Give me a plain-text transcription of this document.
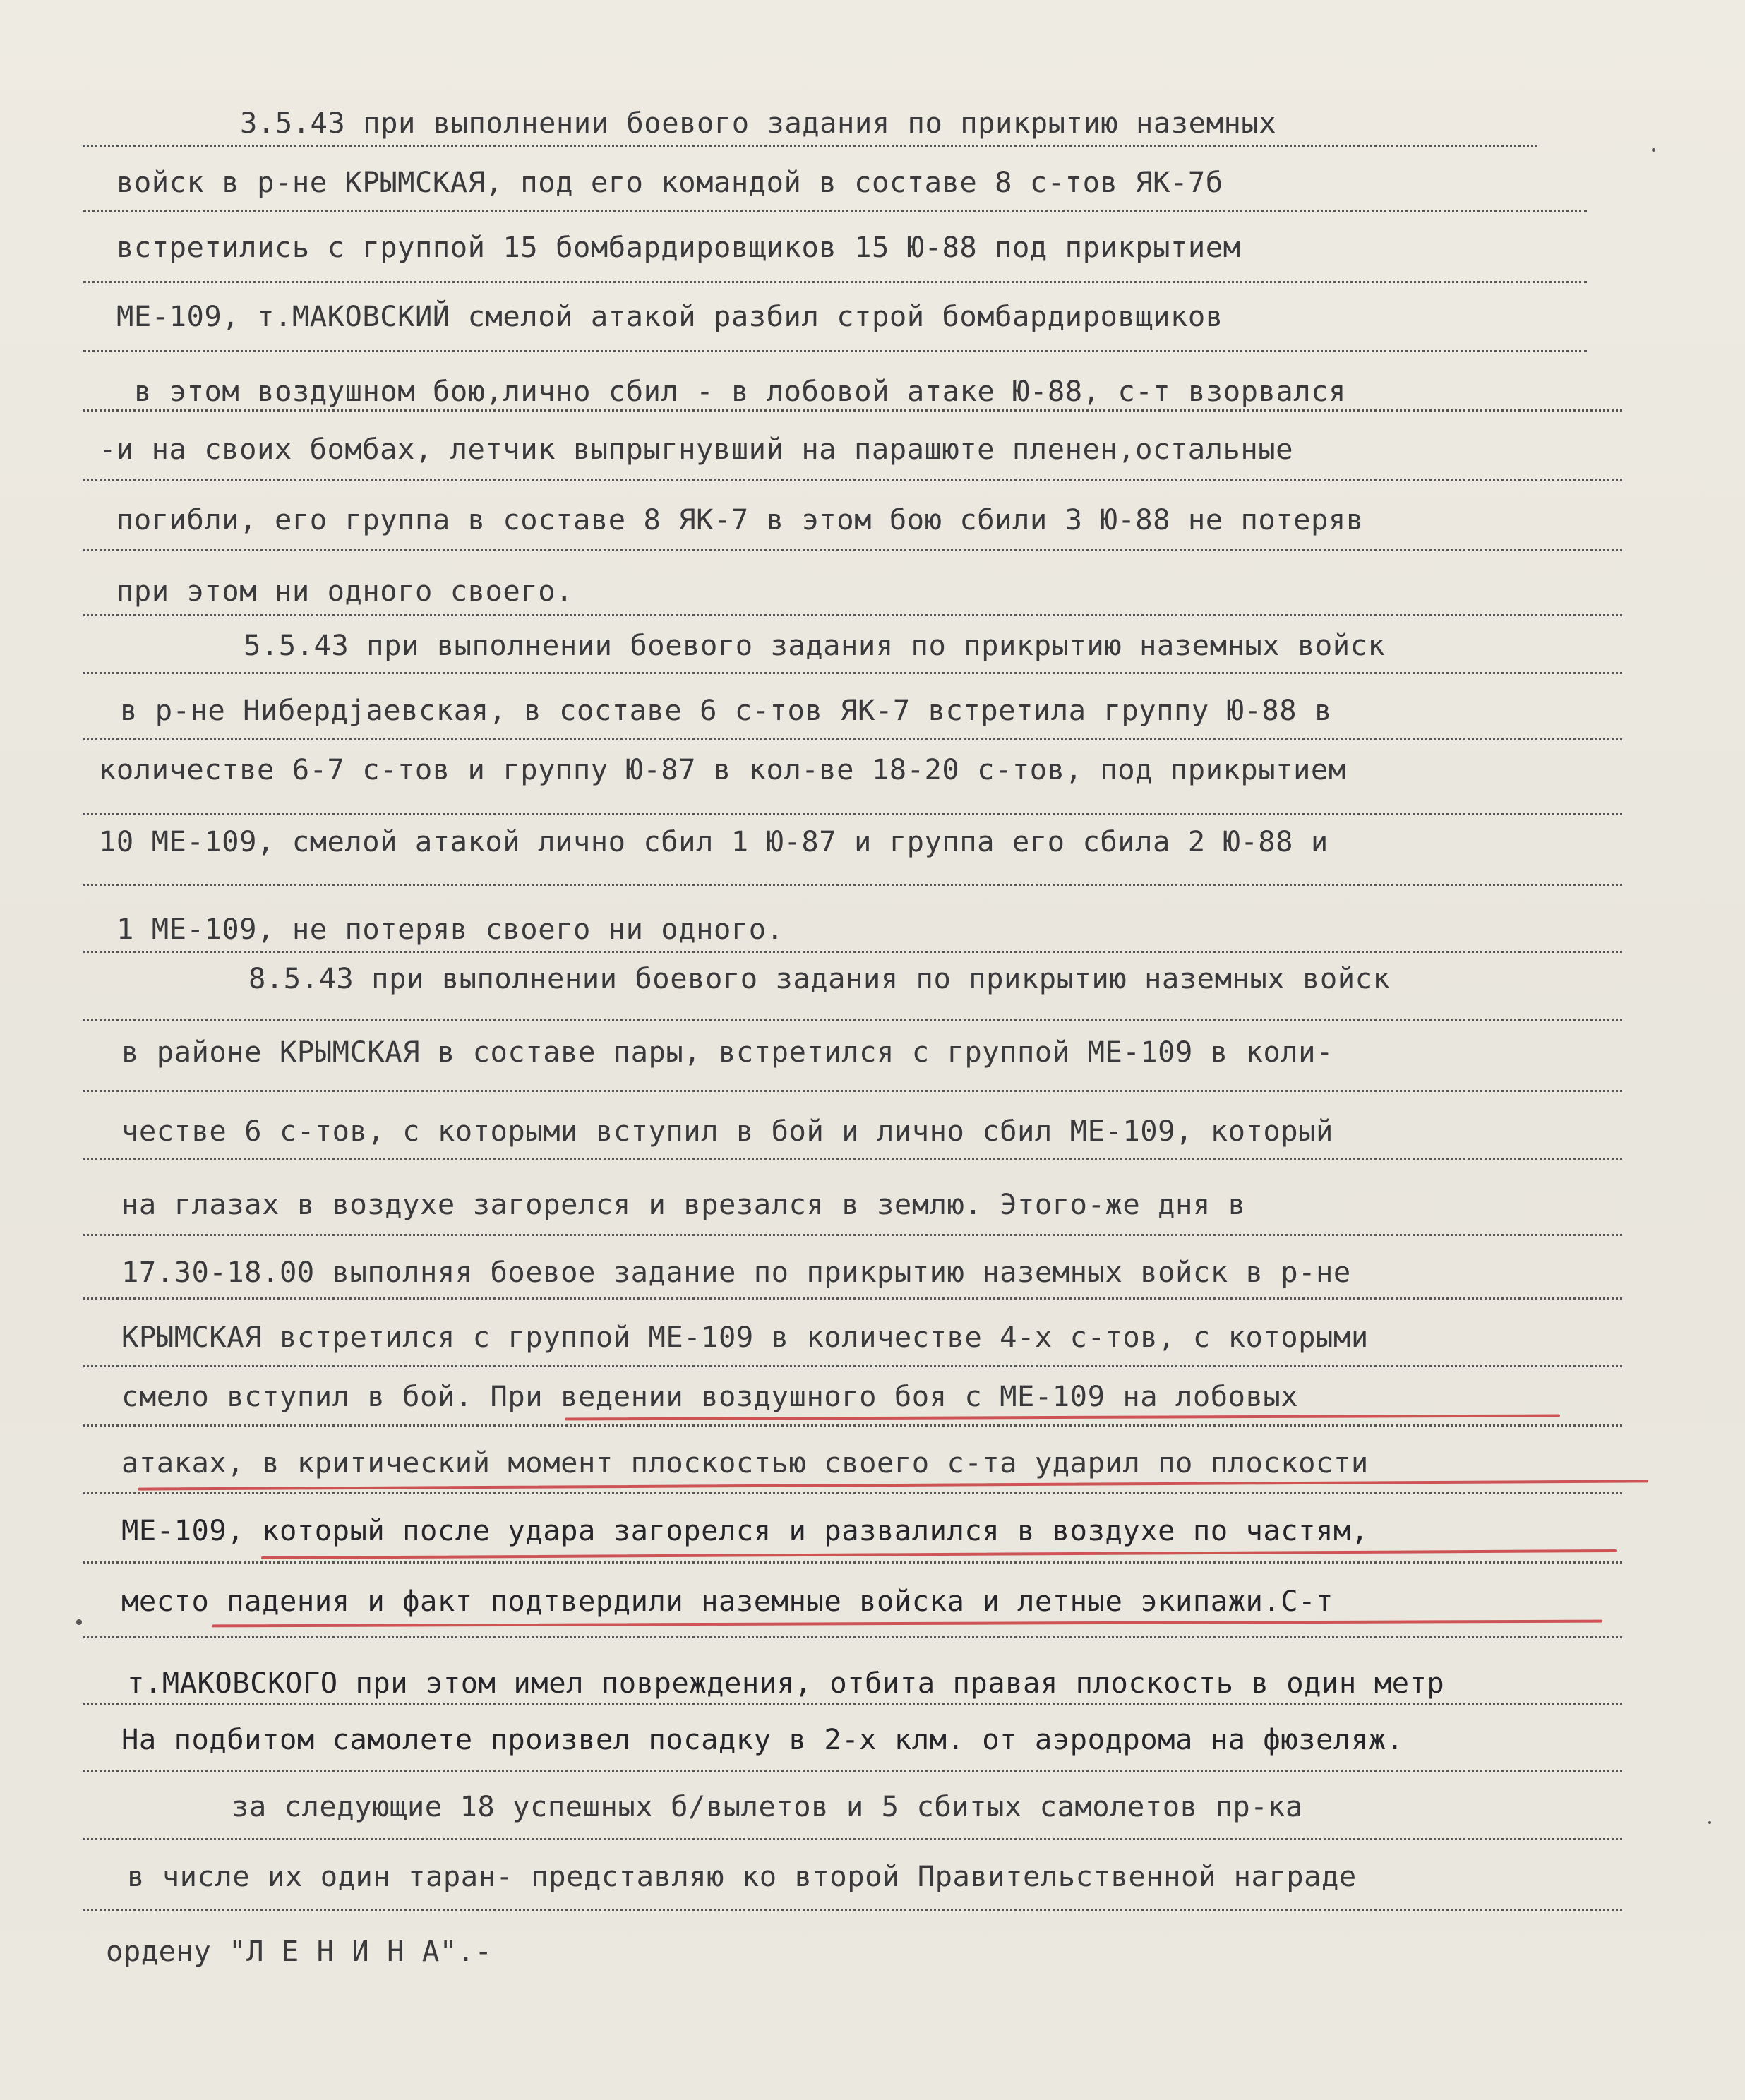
3.5.43 при выполнении боевого задания по прикрытию наземных
войск в р-не КРЫМСКАЯ, под его командой в составе 8 с-тов ЯК-7б
встретились с группой 15 бомбардировщиков 15 Ю-88 под прикрытием
МЕ-109, т.МАКОВСКИЙ смелой атакой разбил строй бомбардировщиков
в этом воздушном бою,лично сбил - в лобовой атаке Ю-88, с-т взорвался
-и на своих бомбах, летчик выпрыгнувший на парашюте пленен,остальные
погибли, его группа в составе 8 ЯК-7 в этом бою сбили 3 Ю-88 не потеряв
при этом ни одного своего.
5.5.43 при выполнении боевого задания по прикрытию наземных войск
в р-не Нибердjaевская, в составе 6 с-тов ЯК-7 встретила группу Ю-88 в
количестве 6-7 с-тов и группу Ю-87 в кол-ве 18-20 с-тов, под прикрытием
10 МЕ-109, смелой атакой лично сбил 1 Ю-87 и группа его сбила 2 Ю-88 и
1 МЕ-109, не потеряв своего ни одного.
8.5.43 при выполнении боевого задания по прикрытию наземных войск
в районе КРЫМСКАЯ в составе пары, встретился с группой МЕ-109 в коли-
честве 6 с-тов, с которыми вступил в бой и лично сбил МЕ-109, который
на глазах в воздухе загорелся и врезался в землю. Этого-же дня в
17.30-18.00 выполняя боевое задание по прикрытию наземных войск в р-не
КРЫМСКАЯ встретился с группой МЕ-109 в количестве 4-х с-тов, с которыми
смело вступил в бой. При ведении воздушного боя с МЕ-109 на лобовых
атаках, в критический момент плоскостью своего с-та ударил по плоскости
МЕ-109, который после удара загорелся и развалился в воздухе по частям,
место падения и факт подтвердили наземные войска и летные экипажи.С-т
т.МАКОВСКОГО при этом имел повреждения, отбита правая плоскость в один метр
На подбитом самолете произвел посадку в 2-х клм. от аэродрома на фюзеляж.
за следующие 18 успешных б/вылетов и 5 сбитых самолетов пр-ка
в числе их один таран- представляю ко второй Правительственной награде
ордену "Л Е Н И Н А".-
